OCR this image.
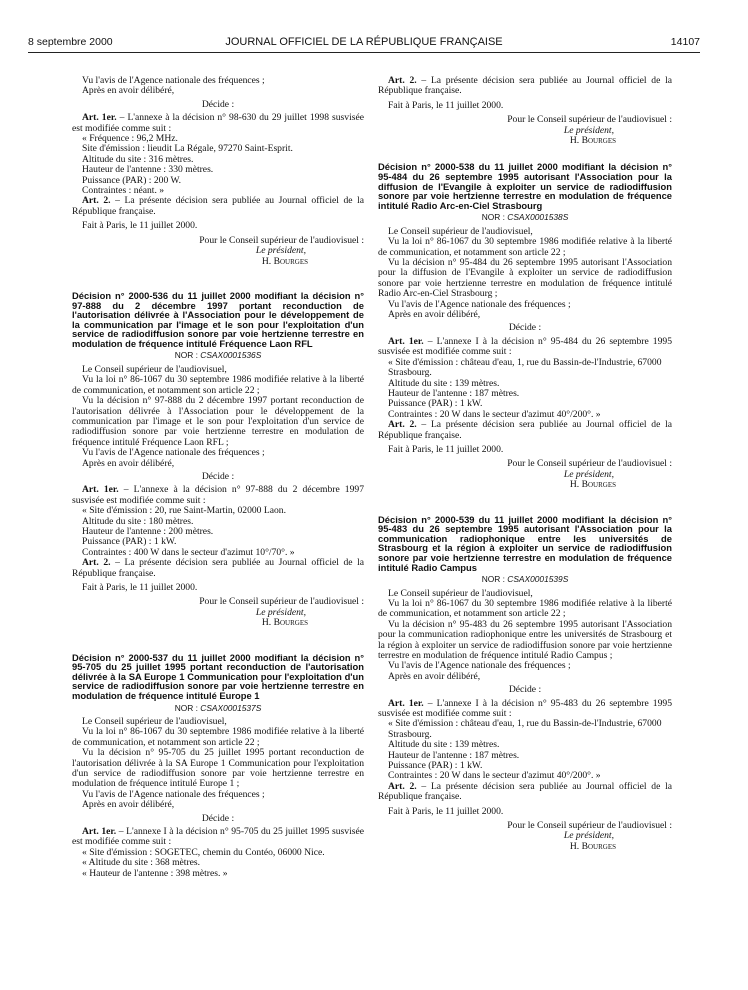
8 septembre 2000	JOURNAL OFFICIEL DE LA RÉPUBLIQUE FRANÇAISE	14107

Vu l'avis de l'Agence nationale des fréquences ;

Après en avoir délibéré,

Décide :

Art. 1er. – L'annexe à la décision n° 98-630 du 29 juillet 1998 susvisée est modifiée comme suit :

« Fréquence : 96,2 MHz.

Site d'émission : lieudit La Régale, 97270 Saint-Esprit.

Altitude du site : 316 mètres.

Hauteur de l'antenne : 330 mètres.

Puissance (PAR) : 200 W.

Contraintes : néant. »

Art. 2. – La présente décision sera publiée au Journal officiel de la République française.

Fait à Paris, le 11 juillet 2000.

Pour le Conseil supérieur de l'audiovisuel :

Le président,

H. Bourges

Décision n° 2000-536 du 11 juillet 2000 modifiant la décision n° 97-888 du 2 décembre 1997 portant reconduction de l'autorisation délivrée à l'Association pour le développement de la communication par l'image et le son pour l'exploitation d'un service de radiodiffusion sonore par voie hertzienne terrestre en modulation de fréquence intitulé Fréquence Laon RFL

NOR : CSAX0001536S

Le Conseil supérieur de l'audiovisuel,

Vu la loi n° 86-1067 du 30 septembre 1986 modifiée relative à la liberté de communication, et notamment son article 22 ;

Vu la décision n° 97-888 du 2 décembre 1997 portant reconduction de l'autorisation délivrée à l'Association pour le développement de la communication par l'image et le son pour l'exploitation d'un service de radiodiffusion sonore par voie hertzienne terrestre en modulation de fréquence intitulé Fréquence Laon RFL ;

Vu l'avis de l'Agence nationale des fréquences ;

Après en avoir délibéré,

Décide :

Art. 1er. – L'annexe à la décision n° 97-888 du 2 décembre 1997 susvisée est modifiée comme suit :

« Site d'émission : 20, rue Saint-Martin, 02000 Laon.

Altitude du site : 180 mètres.

Hauteur de l'antenne : 200 mètres.

Puissance (PAR) : 1 kW.

Contraintes : 400 W dans le secteur d'azimut 10°/70°. »

Art. 2. – La présente décision sera publiée au Journal officiel de la République française.

Fait à Paris, le 11 juillet 2000.

Pour le Conseil supérieur de l'audiovisuel :

Le président,

H. Bourges

Décision n° 2000-537 du 11 juillet 2000 modifiant la décision n° 95-705 du 25 juillet 1995 portant reconduction de l'autorisation délivrée à la SA Europe 1 Communication pour l'exploitation d'un service de radiodiffusion sonore par voie hertzienne terrestre en modulation de fréquence intitulé Europe 1

NOR : CSAX0001537S

Le Conseil supérieur de l'audiovisuel,

Vu la loi n° 86-1067 du 30 septembre 1986 modifiée relative à la liberté de communication, et notamment son article 22 ;

Vu la décision n° 95-705 du 25 juillet 1995 portant reconduction de l'autorisation délivrée à la SA Europe 1 Communication pour l'exploitation d'un service de radiodiffusion sonore par voie hertzienne terrestre en modulation de fréquence intitulé Europe 1 ;

Vu l'avis de l'Agence nationale des fréquences ;

Après en avoir délibéré,

Décide :

Art. 1er. – L'annexe I à la décision n° 95-705 du 25 juillet 1995 susvisée est modifiée comme suit :

« Site d'émission : SOGETEC, chemin du Contéo, 06000 Nice.

« Altitude du site : 368 mètres.

« Hauteur de l'antenne : 398 mètres. »

Art. 2. – La présente décision sera publiée au Journal officiel de la République française.

Fait à Paris, le 11 juillet 2000.

Pour le Conseil supérieur de l'audiovisuel :

Le président,

H. Bourges

Décision n° 2000-538 du 11 juillet 2000 modifiant la décision n° 95-484 du 26 septembre 1995 autorisant l'Association pour la diffusion de l'Evangile à exploiter un service de radiodiffusion sonore par voie hertzienne terrestre en modulation de fréquence intitulé Radio Arc-en-Ciel Strasbourg

NOR : CSAX0001538S

Le Conseil supérieur de l'audiovisuel,

Vu la loi n° 86-1067 du 30 septembre 1986 modifiée relative à la liberté de communication, et notamment son article 22 ;

Vu la décision n° 95-484 du 26 septembre 1995 autorisant l'Association pour la diffusion de l'Evangile à exploiter un service de radiodiffusion sonore par voie hertzienne terrestre en modulation de fréquence intitulé Radio Arc-en-Ciel Strasbourg ;

Vu l'avis de l'Agence nationale des fréquences ;

Après en avoir délibéré,

Décide :

Art. 1er. – L'annexe I à la décision n° 95-484 du 26 septembre 1995 susvisée est modifiée comme suit :

« Site d'émission : château d'eau, 1, rue du Bassin-de-l'Industrie, 67000 Strasbourg.

Altitude du site : 139 mètres.

Hauteur de l'antenne : 187 mètres.

Puissance (PAR) : 1 kW.

Contraintes : 20 W dans le secteur d'azimut 40°/200°. »

Art. 2. – La présente décision sera publiée au Journal officiel de la République française.

Fait à Paris, le 11 juillet 2000.

Pour le Conseil supérieur de l'audiovisuel :

Le président,

H. Bourges

Décision n° 2000-539 du 11 juillet 2000 modifiant la décision n° 95-483 du 26 septembre 1995 autorisant l'Association pour la communication radiophonique entre les universités de Strasbourg et la région à exploiter un service de radiodiffusion sonore par voie hertzienne terrestre en modulation de fréquence intitulé Radio Campus

NOR : CSAX0001539S

Le Conseil supérieur de l'audiovisuel,

Vu la loi n° 86-1067 du 30 septembre 1986 modifiée relative à la liberté de communication, et notamment son article 22 ;

Vu la décision n° 95-483 du 26 septembre 1995 autorisant l'Association pour la communication radiophonique entre les universités de Strasbourg et la région à exploiter un service de radiodiffusion sonore par voie hertzienne terrestre en modulation de fréquence intitulé Radio Campus ;

Vu l'avis de l'Agence nationale des fréquences ;

Après en avoir délibéré,

Décide :

Art. 1er. – L'annexe I à la décision n° 95-483 du 26 septembre 1995 susvisée est modifiée comme suit :

« Site d'émission : château d'eau, 1, rue du Bassin-de-l'Industrie, 67000 Strasbourg.

Altitude du site : 139 mètres.

Hauteur de l'antenne : 187 mètres.

Puissance (PAR) : 1 kW.

Contraintes : 20 W dans le secteur d'azimut 40°/200°. »

Art. 2. – La présente décision sera publiée au Journal officiel de la République française.

Fait à Paris, le 11 juillet 2000.

Pour le Conseil supérieur de l'audiovisuel :

Le président,

H. Bourges
